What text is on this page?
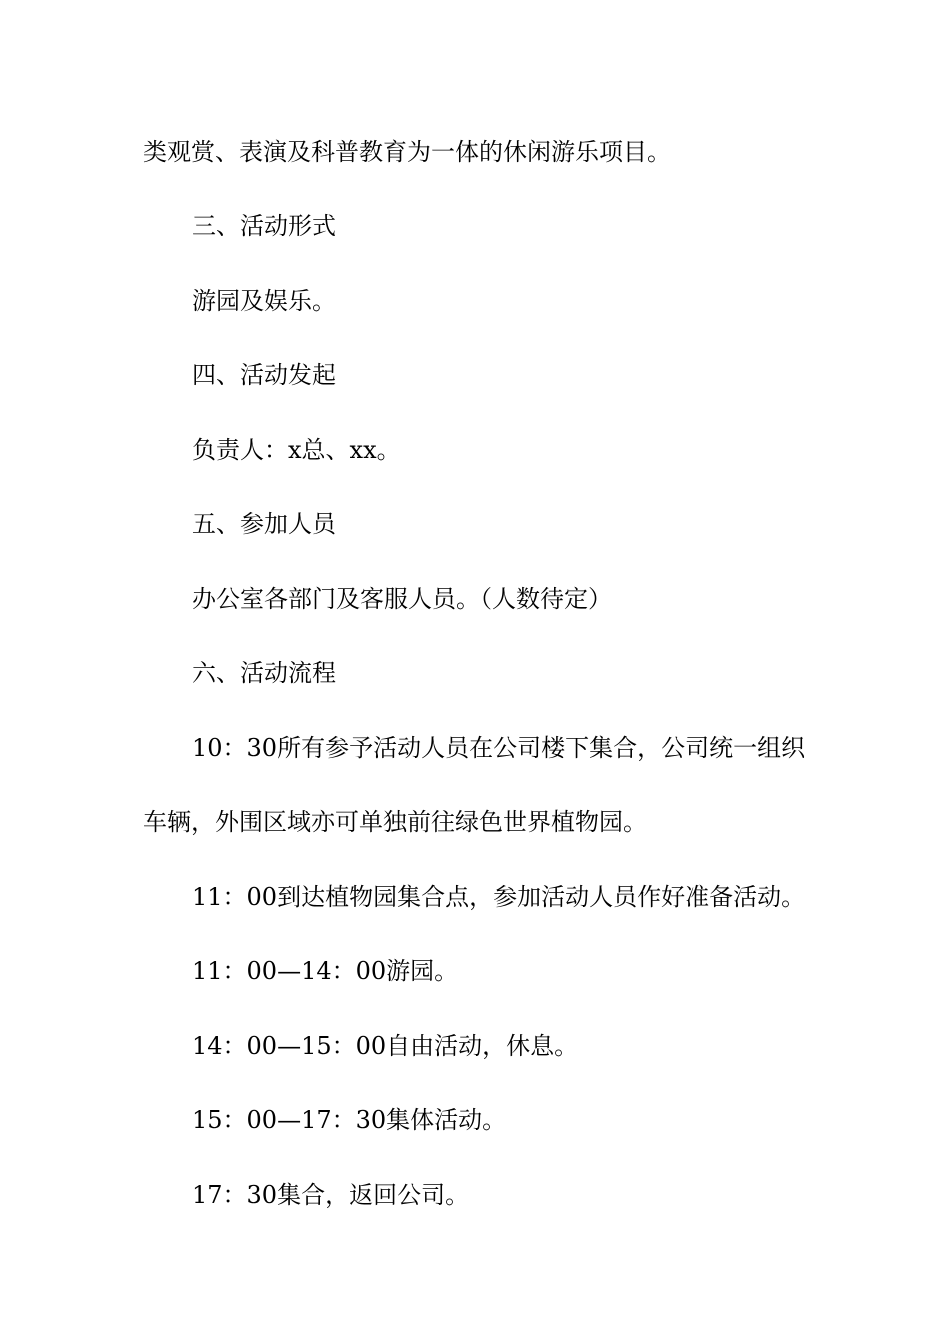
类观赏、表演及科普教育为一体的休闲游乐项目。
三、活动形式
游园及娱乐。
四、活动发起
负责人：x总、xx。
五、参加人员
办公室各部门及客服人员。（人数待定）
六、活动流程
10：30所有参予活动人员在公司楼下集合，公司统一组织
车辆，外围区域亦可单独前往绿色世界植物园。
11：00到达植物园集合点，参加活动人员作好准备活动。
11：00—14：00游园。
14：00—15：00自由活动，休息。
15：00—17：30集体活动。
17：30集合，返回公司。
